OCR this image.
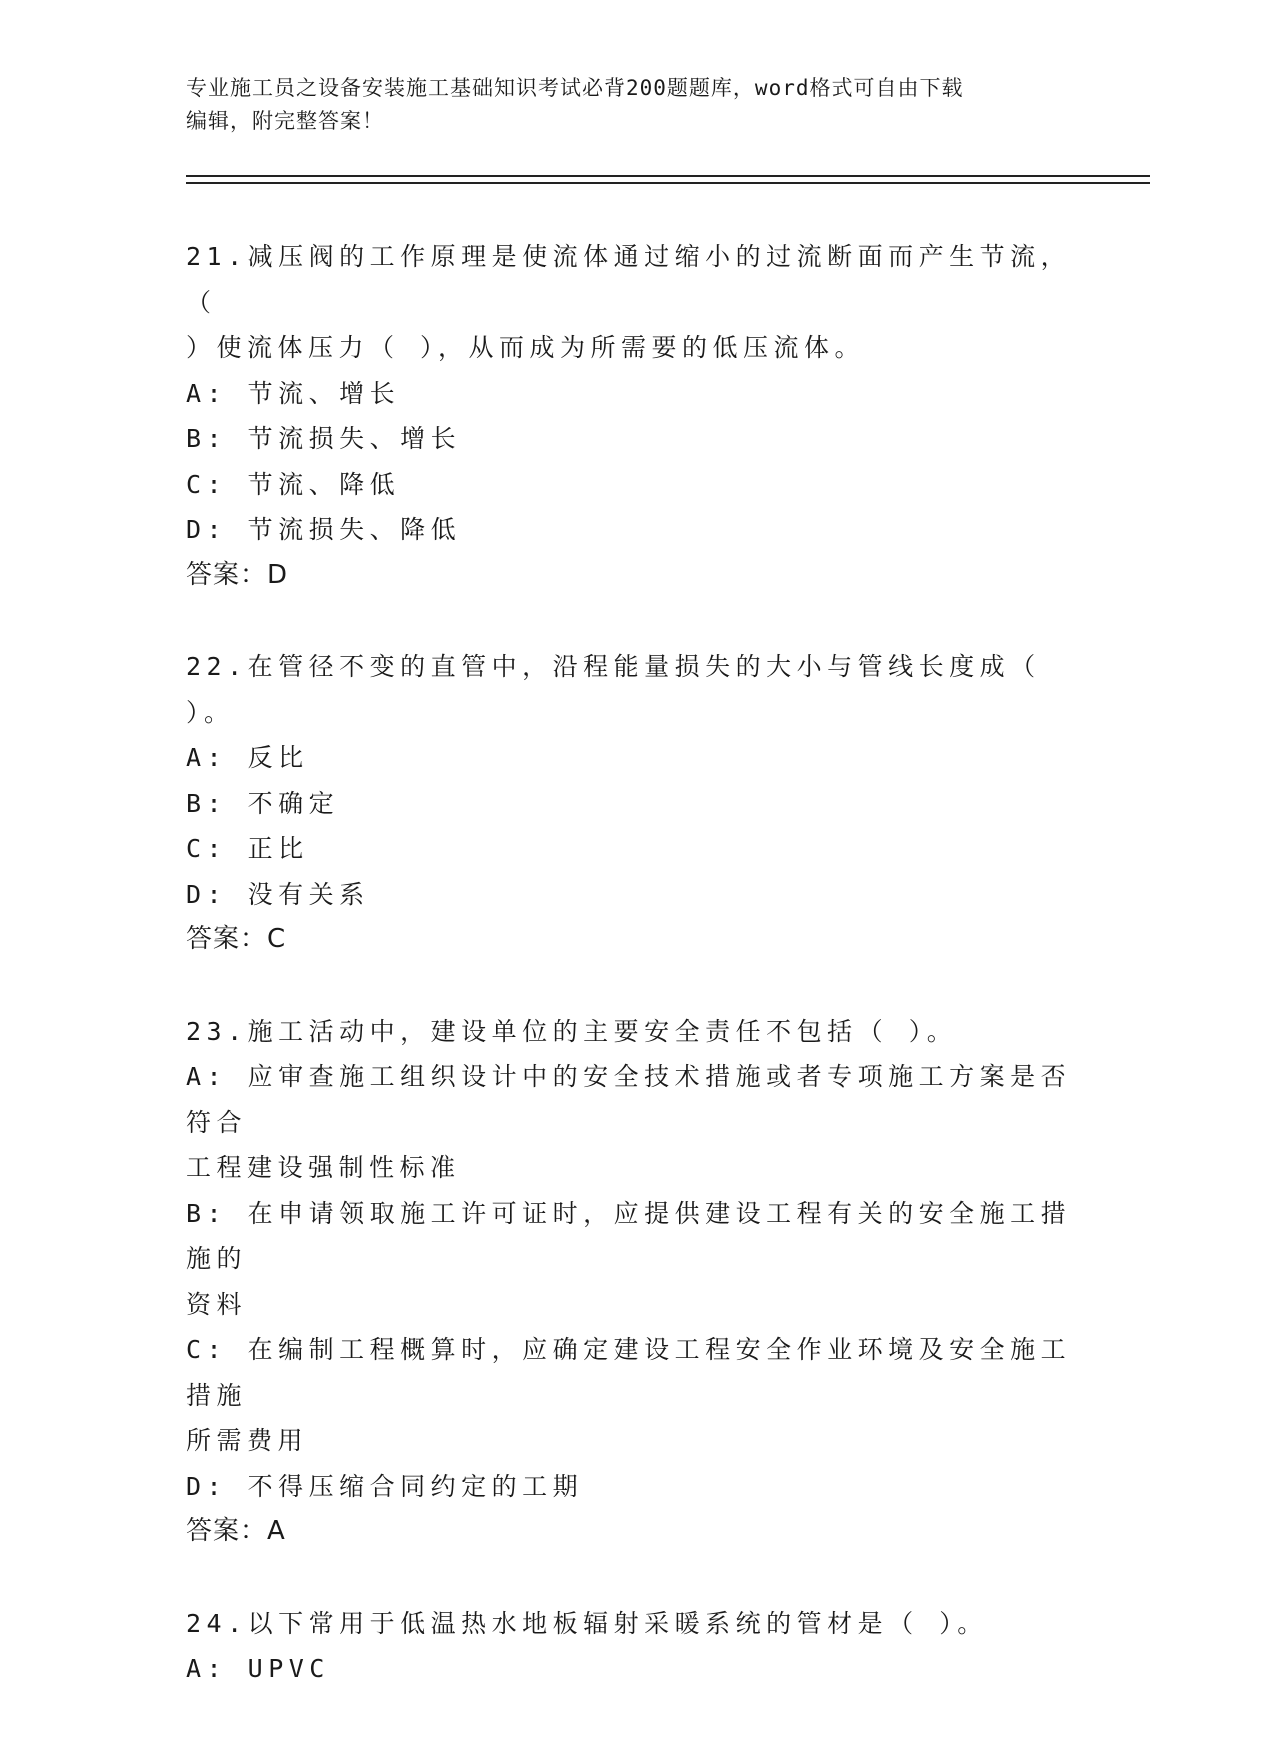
专业施工员之设备安装施工基础知识考试必背200题题库，word格式可自由下载
编辑，附完整答案！
21.减压阀的工作原理是使流体通过缩小的过流断面而产生节流，（
）使流体压力（ ），从而成为所需要的低压流体。
A: 节流、增长
B: 节流损失、增长
C: 节流、降低
D: 节流损失、降低
答案：D
22.在管径不变的直管中，沿程能量损失的大小与管线长度成（ ）。
A: 反比
B: 不确定
C: 正比
D: 没有关系
答案：C
23.施工活动中，建设单位的主要安全责任不包括（ ）。
A: 应审查施工组织设计中的安全技术措施或者专项施工方案是否符合
工程建设强制性标准
B: 在申请领取施工许可证时，应提供建设工程有关的安全施工措施的
资料
C: 在编制工程概算时，应确定建设工程安全作业环境及安全施工措施
所需费用
D: 不得压缩合同约定的工期
答案：A
24.以下常用于低温热水地板辐射采暖系统的管材是（ ）。
A: UPVC
